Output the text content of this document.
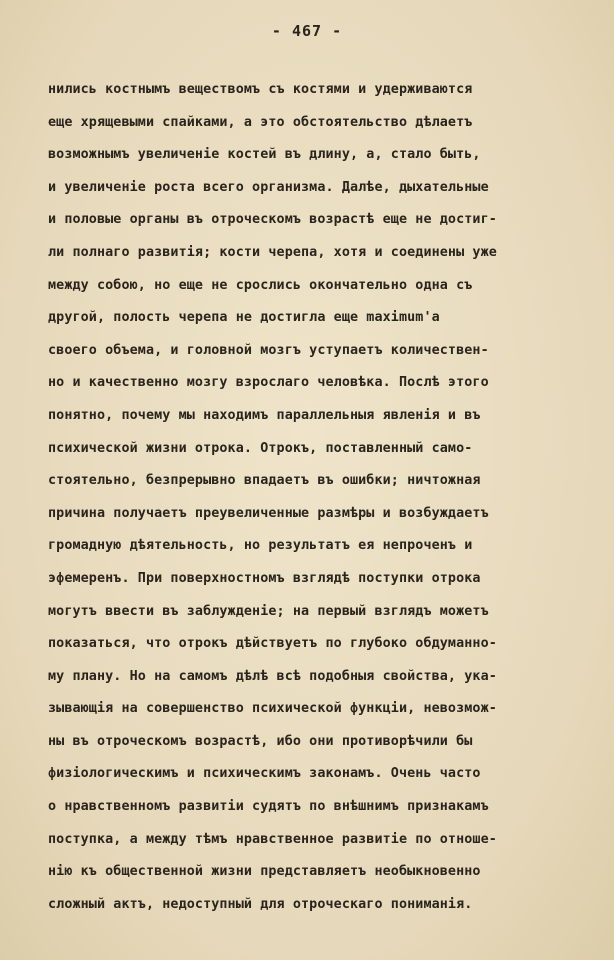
- 467 -
нились костнымъ веществомъ съ костями и удерживаются
еще хрящевыми спайками, а это обстоятельство дѣлаетъ
возможнымъ увеличенiе костей въ длину, а, стало быть,
и увеличенiе роста всего организма. Далѣе, дыхательные
и половые органы въ отроческомъ возрастѣ еще не достиг-
ли полнаго развитiя; кости черепа, хотя и соединены уже
между собою, но еще не срослись окончательно одна съ
другой, полость черепа не достигла еще maximum'а
своего объема, и головной мозгъ уступаетъ количествен-
но и качественно мозгу взрослаго человѣка. Послѣ этого
понятно, почему мы находимъ параллельныя явленiя и въ
психической жизни отрока. Отрокъ, поставленный само-
стоятельно, безпрерывно впадаетъ въ ошибки; ничтожная
причина получаетъ преувеличенные размѣры и возбуждаетъ
громадную дѣятельность, но результатъ ея непроченъ и
эфемеренъ. При поверхностномъ взглядѣ поступки отрока
могутъ ввести въ заблужденiе; на первый взглядъ можетъ
показаться, что отрокъ дѣйствуетъ по глубоко обдуманно-
му плану. Но на самомъ дѣлѣ всѣ подобныя свойства, ука-
зывающiя на совершенство психической функцiи, невозмож-
ны въ отроческомъ возрастѣ, ибо они противорѣчили бы
физiологическимъ и психическимъ законамъ. Очень часто
о нравственномъ развитiи судятъ по внѣшнимъ признакамъ
поступка, а между тѣмъ нравственное развитiе по отноше-
нiю къ общественной жизни представляетъ необыкновенно
сложный актъ, недоступный для отроческаго пониманiя.
